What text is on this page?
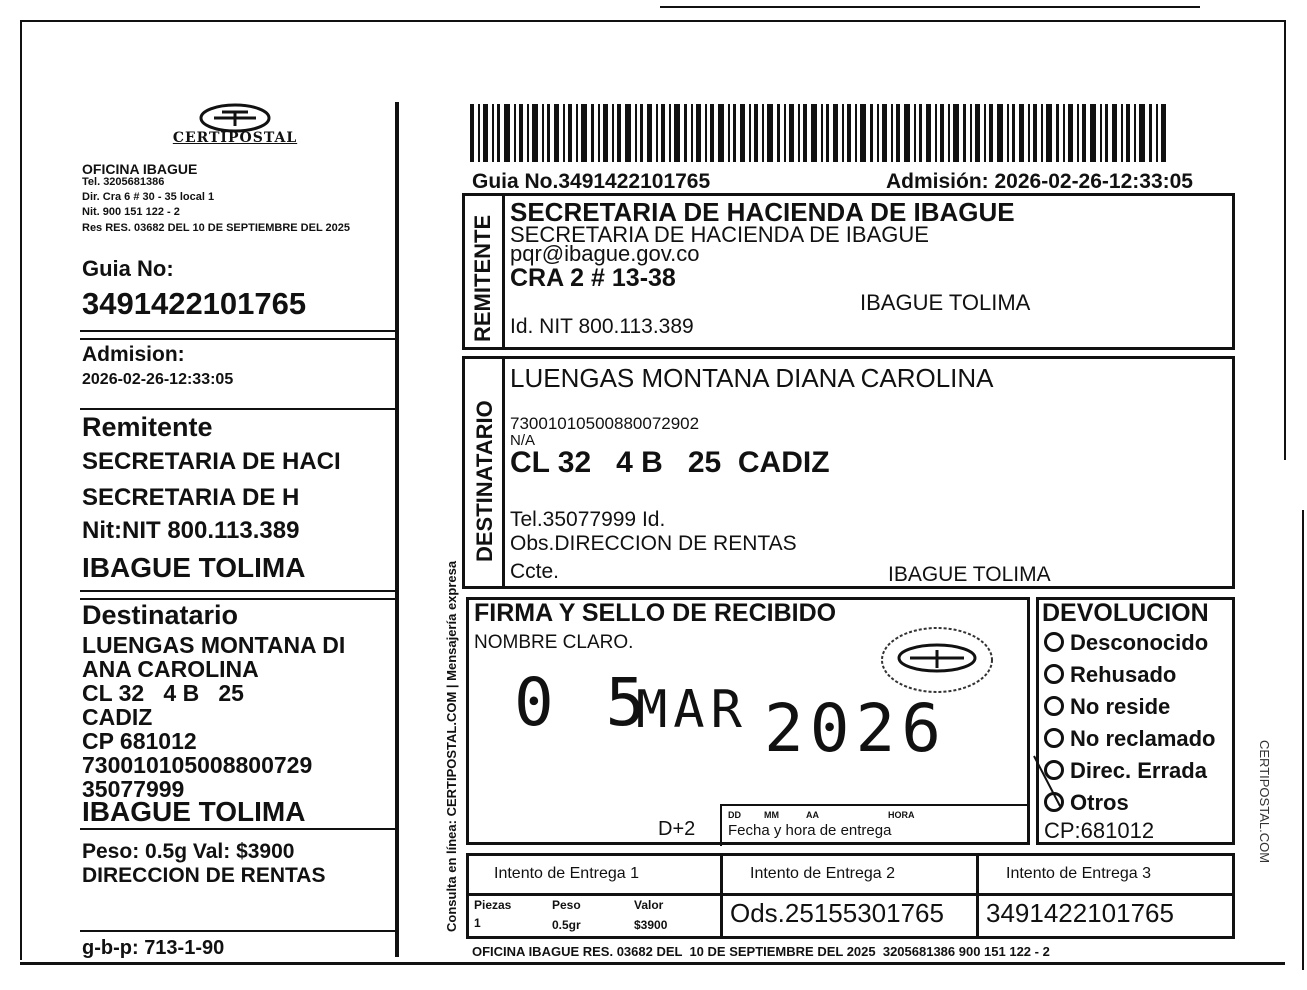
CERTIPOSTAL
OFICINA IBAGUE
Tel. 3205681386
Dir. Cra 6 # 30 - 35 local 1
Nit. 900 151 122 - 2
Res RES. 03682 DEL 10 DE SEPTIEMBRE DEL 2025
Guia No:
3491422101765
Admision:
2026-02-26-12:33:05
Remitente
SECRETARIA DE HACI
SECRETARIA DE H
Nit:NIT 800.113.389
IBAGUE TOLIMA
Destinatario
LUENGAS MONTANA DI
ANA CAROLINA
CL 32   4 B   25
CADIZ
CP 681012
73001010500880072​9
35077999
IBAGUE TOLIMA
Peso: 0.5g Val: $3900
DIRECCION DE RENTAS
g-b-p: 713-1-90
Consulta en línea: CERTIPOSTAL.COM | Mensajería expresa
Guia No.3491422101765	Admisión: 2026-02-26-12:33:05
REMITENTE
SECRETARIA DE HACIENDA DE IBAGUE
SECRETARIA DE HACIENDA DE IBAGUE
pqr@ibague.gov.co
CRA 2 # 13-38
IBAGUE TOLIMA
Id. NIT 800.113.389
DESTINATARIO
LUENGAS MONTANA DIANA CAROLINA
73001010500880072902
N/A
CL 32   4 B   25  CADIZ
Tel.35077999 Id.
Obs.DIRECCION DE RENTAS
Ccte.	IBAGUE TOLIMA
FIRMA Y SELLO DE RECIBIDO
NOMBRE CLARO.
0 5
MAR 2026
D+2
DD	MM	AA	HORA
Fecha y hora de entrega
DEVOLUCION
Desconocido
Rehusado
No reside
No reclamado
Direc. Errada
Otros
CP:681012
Intento de Entrega 1	Intento de Entrega 2	Intento de Entrega 3
Piezas
1
Peso
0.5gr
Valor
$3900 Ods.25155301765 3491422101765
OFICINA IBAGUE RES. 03682 DEL  10 DE SEPTIEMBRE DEL 2025  3205681386 900 151 122 - 2
CERTIPOSTAL.COM
